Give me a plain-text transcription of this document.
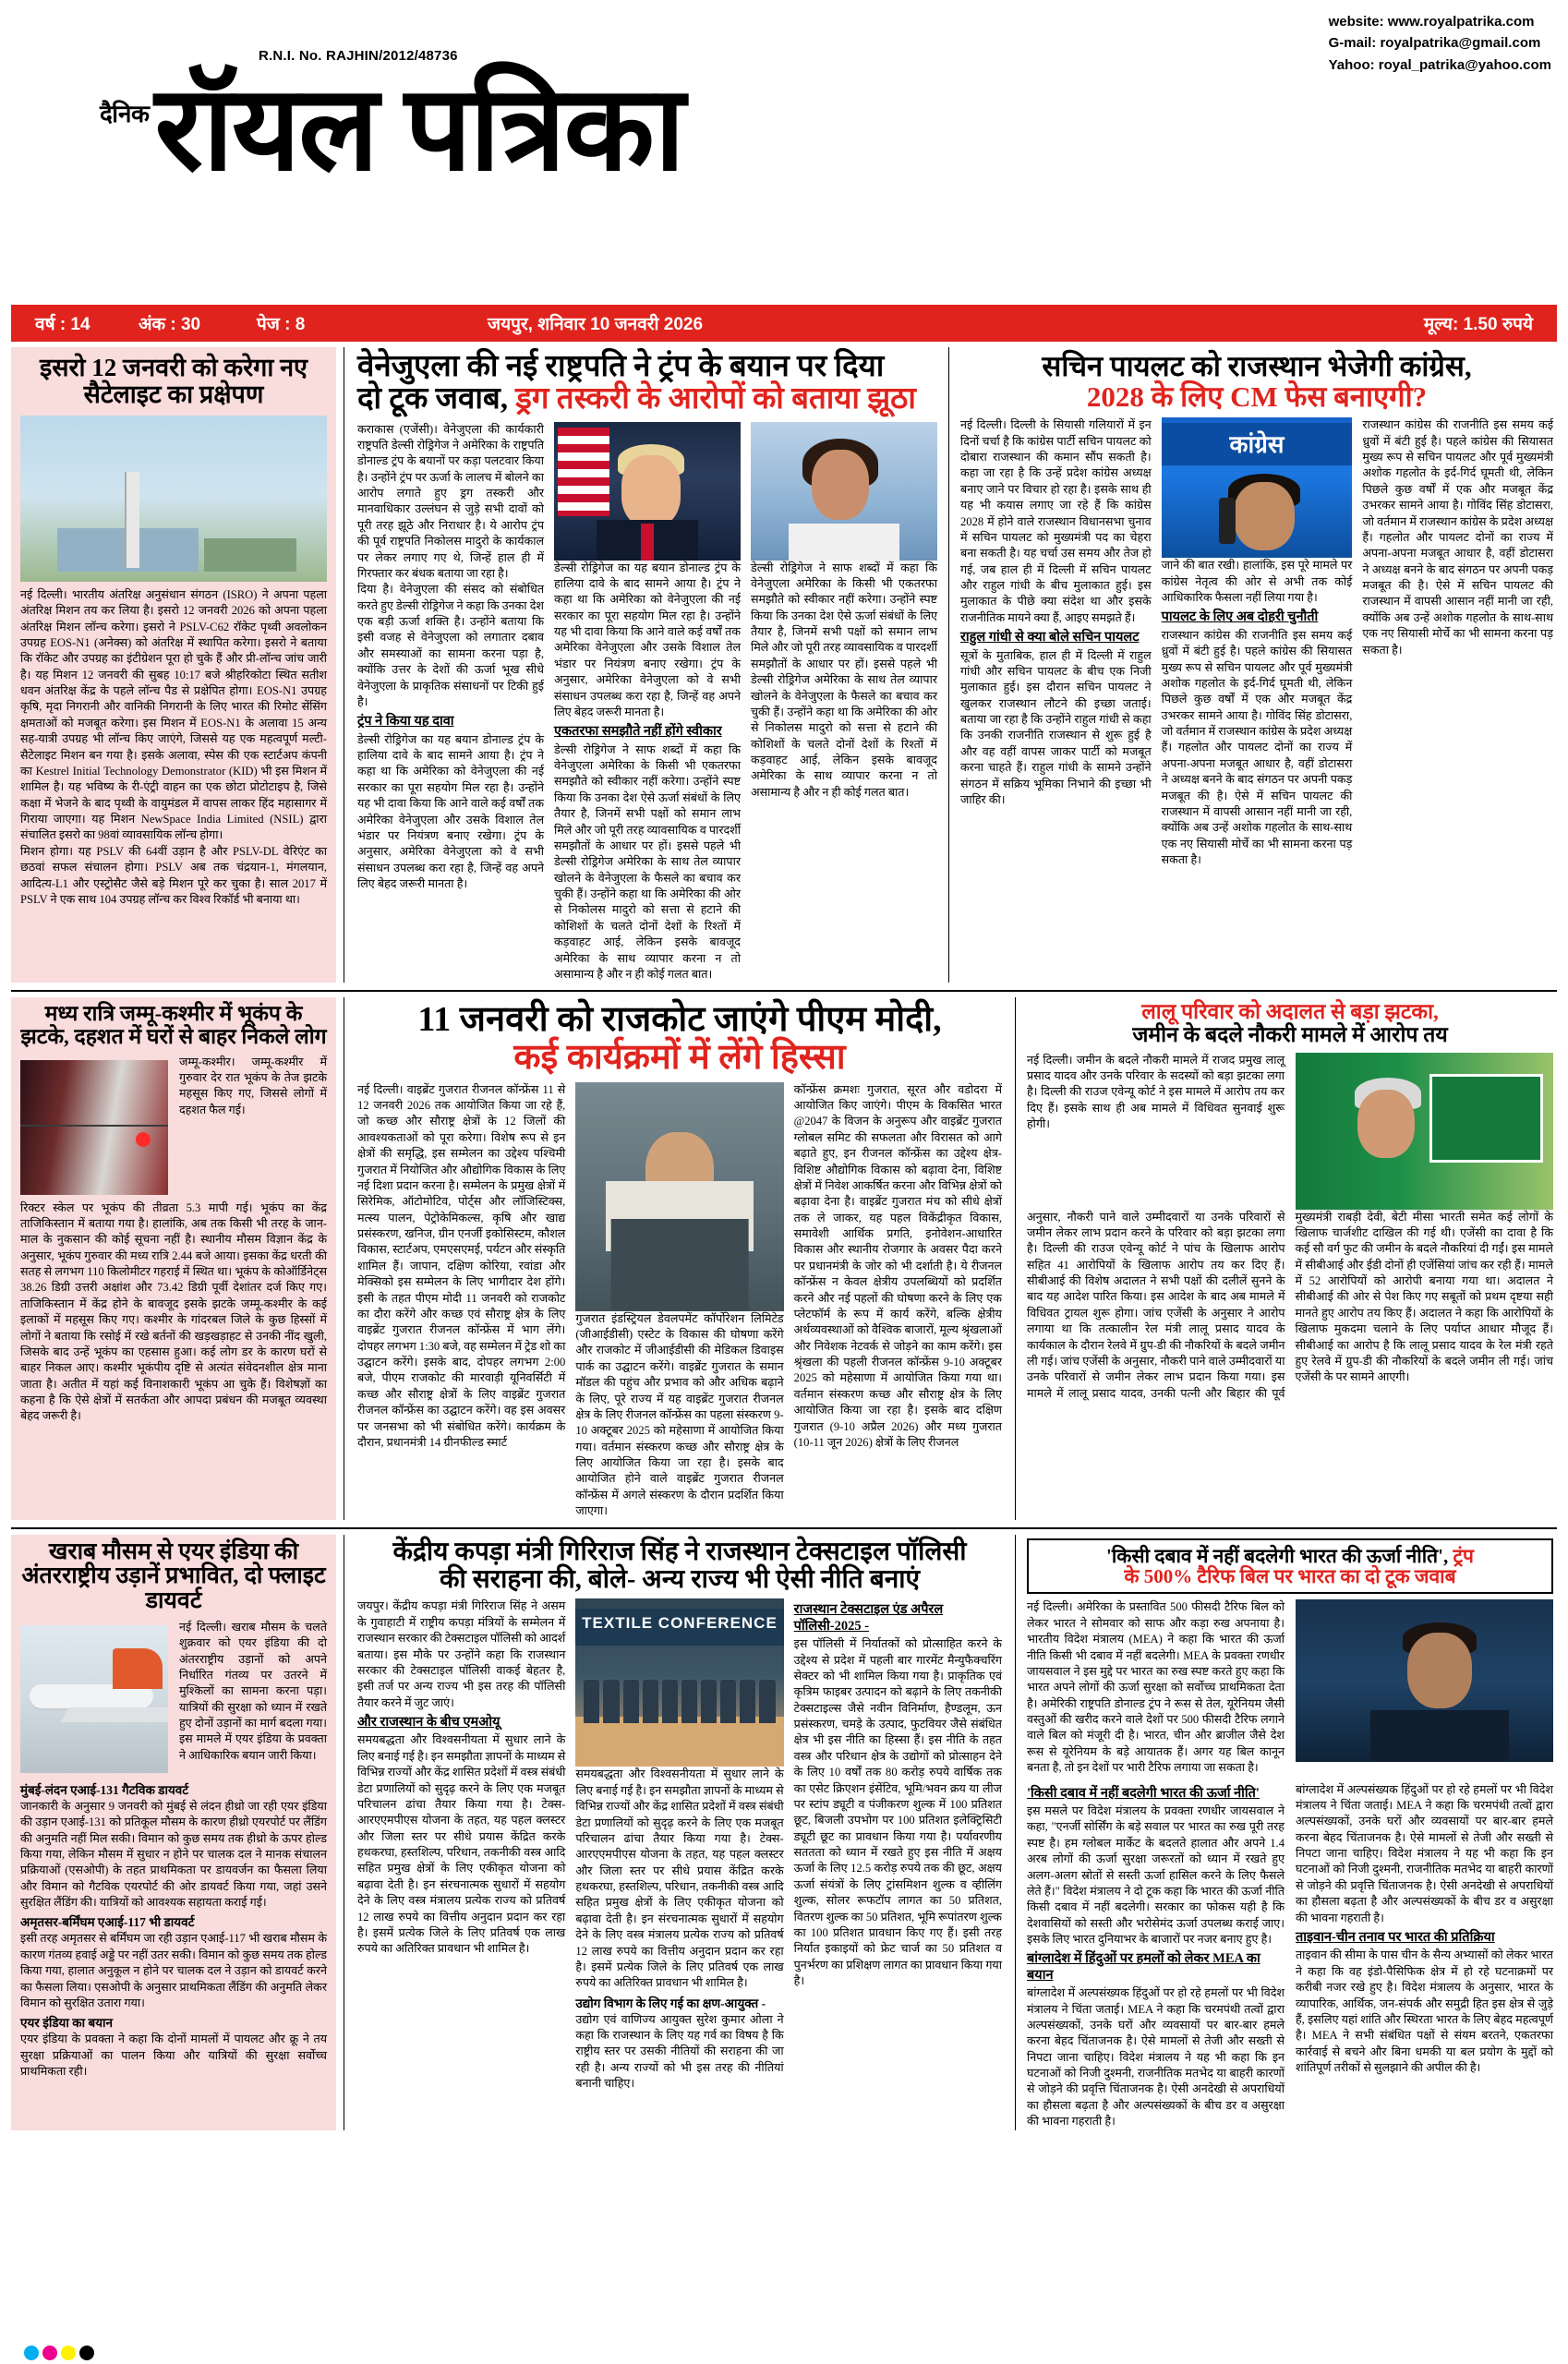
website: www.royalpatrika.com
G-mail: royalpatrika@gmail.com
Yahoo: royal_patrika@yahoo.com
R.N.I. No. RAJHIN/2012/48736
दैनिक रॉयल पत्रिका
वर्ष : 14	अंक : 30	पेज : 8	जयपुर, शनिवार 10 जनवरी 2026	मूल्य: 1.50 रुपये
इसरो 12 जनवरी को करेगा नए सैटेलाइट का प्रक्षेपण
नई दिल्ली। भारतीय अंतरिक्ष अनुसंधान संगठन (ISRO) ने अपना पहला अंतरिक्ष मिशन तय कर लिया है। इसरो 12 जनवरी 2026 को अपना पहला अंतरिक्ष मिशन लॉन्च करेगा। इसरो ने PSLV-C62 रॉकेट पृथ्वी अवलोकन उपग्रह EOS-N1 (अनेक्स) को अंतरिक्ष में स्थापित करेगा। इसरो ने बताया कि रॉकेट और उपग्रह का इंटीग्रेशन पूरा हो चुके हैं और प्री-लॉन्च जांच जारी है। यह मिशन 12 जनवरी की सुबह 10:17 बजे श्रीहरिकोटा स्थित सतीश धवन अंतरिक्ष केंद्र के पहले लॉन्च पैड से प्रक्षेपित होगा। EOS-N1 उपग्रह कृषि, मृदा निगरानी और वानिकी निगरानी के लिए भारत की रिमोट सेंसिंग क्षमताओं को मजबूत करेगा। इस मिशन में EOS-N1 के अलावा 15 अन्य सह-यात्री उपग्रह भी लॉन्च किए जाएंगे, जिससे यह एक महत्वपूर्ण मल्टी-सैटेलाइट मिशन बन गया है। इसके अलावा, स्पेस की एक स्टार्टअप कंपनी का Kestrel Initial Technology Demonstrator (KID) भी इस मिशन में शामिल है। यह भविष्य के री-एंट्री वाहन का एक छोटा प्रोटोटाइप है, जिसे कक्षा में भेजने के बाद पृथ्वी के वायुमंडल में वापस लाकर हिंद महासागर में गिराया जाएगा। यह मिशन NewSpace India Limited (NSIL) द्वारा संचालित इसरो का 98वां व्यावसायिक लॉन्च होगा।
मिशन होगा। यह PSLV की 64वीं उड़ान है और PSLV-DL वेरिएंट का छठवां सफल संचालन होगा। PSLV अब तक चंद्रयान-1, मंगलयान, आदित्य-L1 और एस्ट्रोसैट जैसे बड़े मिशन पूरे कर चुका है। साल 2017 में PSLV ने एक साथ 104 उपग्रह लॉन्च कर विश्व रिकॉर्ड भी बनाया था।
वेनेजुएला की नई राष्ट्रपति ने ट्रंप के बयान पर दिया
दो टूक जवाब, ड्रग तस्करी के आरोपों को बताया झूठा
कराकास (एजेंसी)। वेनेजुएला की कार्यकारी राष्ट्रपति डेल्सी रोड्रिगेज ने अमेरिका के राष्ट्रपति डोनाल्ड ट्रंप के बयानों पर कड़ा पलटवार किया है। उन्होंने ट्रंप पर ऊर्जा के लालच में बोलने का आरोप लगाते हुए ड्रग तस्करी और मानवाधिकार उल्लंघन से जुड़े सभी दावों को पूरी तरह झूठे और निराधार है। ये आरोप ट्रंप की पूर्व राष्ट्रपति निकोलस मादुरो के कार्यकाल पर लेकर लगाए गए थे, जिन्हें हाल ही में गिरफ्तार कर बंधक बताया जा रहा है।
दिया है। वेनेजुएला की संसद को संबोधित करते हुए डेल्सी रोड्रिगेज ने कहा कि उनका देश एक बड़ी ऊर्जा शक्ति है। उन्होंने बताया कि इसी वजह से वेनेजुएला को लगातार दबाव और समस्याओं का सामना करना पड़ा है, क्योंकि उत्तर के देशों की ऊर्जा भूख सीधे वेनेजुएला के प्राकृतिक संसाधनों पर टिकी हुई है।
ट्रंप ने किया यह दावा
डेल्सी रोड्रिगेज का यह बयान डोनाल्ड ट्रंप के हालिया दावे के बाद सामने आया है। ट्रंप ने कहा था कि अमेरिका को वेनेजुएला की नई सरकार का पूरा सहयोग मिल रहा है। उन्होंने यह भी दावा किया कि आने वाले कई वर्षों तक अमेरिका वेनेजुएला और उसके विशाल तेल भंडार पर नियंत्रण बनाए रखेगा। ट्रंप के अनुसार, अमेरिका वेनेजुएला को वे सभी संसाधन उपलब्ध करा रहा है, जिन्हें वह अपने लिए बेहद जरूरी मानता है।
डेल्सी रोड्रिगेज का यह बयान डोनाल्ड ट्रंप के हालिया दावे के बाद सामने आया है। ट्रंप ने कहा था कि अमेरिका को वेनेजुएला की नई सरकार का पूरा सहयोग मिल रहा है। उन्होंने यह भी दावा किया कि आने वाले कई वर्षों तक अमेरिका वेनेजुएला और उसके विशाल तेल भंडार पर नियंत्रण बनाए रखेगा। ट्रंप के अनुसार, अमेरिका वेनेजुएला को वे सभी संसाधन उपलब्ध करा रहा है, जिन्हें वह अपने लिए बेहद जरूरी मानता है।
एकतरफा समझौते नहीं होंगे स्वीकार
डेल्सी रोड्रिगेज ने साफ शब्दों में कहा कि वेनेजुएला अमेरिका के किसी भी एकतरफा समझौते को स्वीकार नहीं करेगा। उन्होंने स्पष्ट किया कि उनका देश ऐसे ऊर्जा संबंधों के लिए तैयार है, जिनमें सभी पक्षों को समान लाभ मिले और जो पूरी तरह व्यावसायिक व पारदर्शी समझौतों के आधार पर हों। इससे पहले भी डेल्सी रोड्रिगेज अमेरिका के साथ तेल व्यापार खोलने के वेनेजुएला के फैसले का बचाव कर चुकी हैं। उन्होंने कहा था कि अमेरिका की ओर से निकोलस मादुरो को सत्ता से हटाने की कोशिशों के चलते दोनों देशों के रिश्तों में कड़वाहट आई, लेकिन इसके बावजूद अमेरिका के साथ व्यापार करना न तो असामान्य है और न ही कोई गलत बात।
डेल्सी रोड्रिगेज ने साफ शब्दों में कहा कि वेनेजुएला अमेरिका के किसी भी एकतरफा समझौते को स्वीकार नहीं करेगा। उन्होंने स्पष्ट किया कि उनका देश ऐसे ऊर्जा संबंधों के लिए तैयार है, जिनमें सभी पक्षों को समान लाभ मिले और जो पूरी तरह व्यावसायिक व पारदर्शी समझौतों के आधार पर हों। इससे पहले भी डेल्सी रोड्रिगेज अमेरिका के साथ तेल व्यापार खोलने के वेनेजुएला के फैसले का बचाव कर चुकी हैं। उन्होंने कहा था कि अमेरिका की ओर से निकोलस मादुरो को सत्ता से हटाने की कोशिशों के चलते दोनों देशों के रिश्तों में कड़वाहट आई, लेकिन इसके बावजूद अमेरिका के साथ व्यापार करना न तो असामान्य है और न ही कोई गलत बात।
सचिन पायलट को राजस्थान भेजेगी कांग्रेस,
2028 के लिए CM फेस बनाएगी?
नई दिल्ली। दिल्ली के सियासी गलियारों में इन दिनों चर्चा है कि कांग्रेस पार्टी सचिन पायलट को दोबारा राजस्थान की कमान सौंप सकती है। कहा जा रहा है कि उन्हें प्रदेश कांग्रेस अध्यक्ष बनाए जाने पर विचार हो रहा है। इसके साथ ही यह भी कयास लगाए जा रहे हैं कि कांग्रेस 2028 में होने वाले राजस्थान विधानसभा चुनाव में सचिन पायलट को मुख्यमंत्री पद का चेहरा बना सकती है। यह चर्चा उस समय और तेज हो गई, जब हाल ही में दिल्ली में सचिन पायलट और राहुल गांधी के बीच मुलाकात हुई। इस मुलाकात के पीछे क्या संदेश था और इसके राजनीतिक मायने क्या हैं, आइए समझते हैं।
राहुल गांधी से क्या बोले सचिन पायलट
सूत्रों के मुताबिक, हाल ही में दिल्ली में राहुल गांधी और सचिन पायलट के बीच एक निजी मुलाकात हुई। इस दौरान सचिन पायलट ने खुलकर राजस्थान लौटने की इच्छा जताई। बताया जा रहा है कि उन्होंने राहुल गांधी से कहा कि उनकी राजनीति राजस्थान से शुरू हुई है और वह वहीं वापस जाकर पार्टी को मजबूत करना चाहते हैं। राहुल गांधी के सामने उन्होंने संगठन में सक्रिय भूमिका निभाने की इच्छा भी जाहिर की।
कांग्रेस
जाने की बात रखी। हालांकि, इस पूरे मामले पर कांग्रेस नेतृत्व की ओर से अभी तक कोई आधिकारिक फैसला नहीं लिया गया है।
पायलट के लिए अब दोहरी चुनौती
राजस्थान कांग्रेस की राजनीति इस समय कई ध्रुवों में बंटी हुई है। पहले कांग्रेस की सियासत मुख्य रूप से सचिन पायलट और पूर्व मुख्यमंत्री अशोक गहलोत के इर्द-गिर्द घूमती थी, लेकिन पिछले कुछ वर्षों में एक और मजबूत केंद्र उभरकर सामने आया है। गोविंद सिंह डोटासरा, जो वर्तमान में राजस्थान कांग्रेस के प्रदेश अध्यक्ष हैं। गहलोत और पायलट दोनों का राज्य में अपना-अपना मजबूत आधार है, वहीं डोटासरा ने अध्यक्ष बनने के बाद संगठन पर अपनी पकड़ मजबूत की है। ऐसे में सचिन पायलट की राजस्थान में वापसी आसान नहीं मानी जा रही, क्योंकि अब उन्हें अशोक गहलोत के साथ-साथ एक नए सियासी मोर्चे का भी सामना करना पड़ सकता है।
राजस्थान कांग्रेस की राजनीति इस समय कई ध्रुवों में बंटी हुई है। पहले कांग्रेस की सियासत मुख्य रूप से सचिन पायलट और पूर्व मुख्यमंत्री अशोक गहलोत के इर्द-गिर्द घूमती थी, लेकिन पिछले कुछ वर्षों में एक और मजबूत केंद्र उभरकर सामने आया है। गोविंद सिंह डोटासरा, जो वर्तमान में राजस्थान कांग्रेस के प्रदेश अध्यक्ष हैं। गहलोत और पायलट दोनों का राज्य में अपना-अपना मजबूत आधार है, वहीं डोटासरा ने अध्यक्ष बनने के बाद संगठन पर अपनी पकड़ मजबूत की है। ऐसे में सचिन पायलट की राजस्थान में वापसी आसान नहीं मानी जा रही, क्योंकि अब उन्हें अशोक गहलोत के साथ-साथ एक नए सियासी मोर्चे का भी सामना करना पड़ सकता है।
मध्य रात्रि जम्मू-कश्मीर में भूकंप के झटके, दहशत में घरों से बाहर निकले लोग
जम्मू-कश्मीर। जम्मू-कश्मीर में गुरुवार देर रात भूकंप के तेज झटके महसूस किए गए, जिससे लोगों में दहशत फैल गई।
रिक्टर स्केल पर भूकंप की तीव्रता 5.3 मापी गई। भूकंप का केंद्र ताजिकिस्तान में बताया गया है। हालांकि, अब तक किसी भी तरह के जान-माल के नुकसान की कोई सूचना नहीं है। स्थानीय मौसम विज्ञान केंद्र के अनुसार, भूकंप गुरुवार की मध्य रात्रि 2.44 बजे आया। इसका केंद्र धरती की सतह से लगभग 110 किलोमीटर गहराई में स्थित था। भूकंप के कोऑर्डिनेट्स 38.26 डिग्री उत्तरी अक्षांश और 73.42 डिग्री पूर्वी देशांतर दर्ज किए गए। ताजिकिस्तान में केंद्र होने के बावजूद इसके झटके जम्मू-कश्मीर के कई इलाकों में महसूस किए गए। कश्मीर के गांदरबल जिले के कुछ हिस्सों में लोगों ने बताया कि रसोई में रखे बर्तनों की खड़खड़ाहट से उनकी नींद खुली, जिसके बाद उन्हें भूकंप का एहसास हुआ। कई लोग डर के कारण घरों से बाहर निकल आए। कश्मीर भूकंपीय दृष्टि से अत्यंत संवेदनशील क्षेत्र माना जाता है। अतीत में यहां कई विनाशकारी भूकंप आ चुके हैं। विशेषज्ञों का कहना है कि ऐसे क्षेत्रों में सतर्कता और आपदा प्रबंधन की मजबूत व्यवस्था बेहद जरूरी है।
11 जनवरी को राजकोट जाएंगे पीएम मोदी,
कई कार्यक्रमों में लेंगे हिस्सा
नई दिल्ली। वाइब्रेंट गुजरात रीजनल कॉन्फ्रेंस 11 से 12 जनवरी 2026 तक आयोजित किया जा रहे हैं, जो कच्छ और सौराष्ट्र क्षेत्रों के 12 जिलों की आवश्यकताओं को पूरा करेगा। विशेष रूप से इन क्षेत्रों की समृद्धि, इस सम्मेलन का उद्देश्य पश्चिमी गुजरात में नियोजित और औद्योगिक विकास के लिए नई दिशा प्रदान करना है। सम्मेलन के प्रमुख क्षेत्रों में सिरेमिक, ऑटोमोटिव, पोर्ट्स और लॉजिस्टिक्स, मत्स्य पालन, पेट्रोकेमिकल्स, कृषि और खाद्य प्रसंस्करण, खनिज, ग्रीन एनर्जी इकोसिस्टम, कौशल विकास, स्टार्टअप, एमएसएमई, पर्यटन और संस्कृति शामिल हैं। जापान, दक्षिण कोरिया, रवांडा और मेक्सिको इस सम्मेलन के लिए भागीदार देश होंगे। इसी के तहत पीएम मोदी 11 जनवरी को राजकोट का दौरा करेंगे और कच्छ एवं सौराष्ट्र क्षेत्र के लिए वाइब्रेंट गुजरात रीजनल कॉन्फ्रेंस में भाग लेंगे। दोपहर लगभग 1:30 बजे, वह सम्मेलन में ट्रेड शो का उद्घाटन करेंगे। इसके बाद, दोपहर लगभग 2:00 बजे, पीएम राजकोट की मारवाड़ी यूनिवर्सिटी में कच्छ और सौराष्ट्र क्षेत्रों के लिए वाइब्रेंट गुजरात रीजनल कॉन्फ्रेंस का उद्घाटन करेंगे। वह इस अवसर पर जनसभा को भी संबोधित करेंगे। कार्यक्रम के दौरान, प्रधानमंत्री 14 ग्रीनफील्ड स्मार्ट
गुजरात इंडस्ट्रियल डेवलपमेंट कॉर्पोरेशन लिमिटेड (जीआईडीसी) एस्टेट के विकास की घोषणा करेंगे और राजकोट में जीआईडीसी की मेडिकल डिवाइस पार्क का उद्घाटन करेंगे। वाइब्रेंट गुजरात के समान मॉडल की पहुंच और प्रभाव को और अधिक बढ़ाने के लिए, पूरे राज्य में यह वाइब्रेंट गुजरात रीजनल क्षेत्र के लिए रीजनल कॉन्फ्रेंस का पहला संस्करण 9-10 अक्टूबर 2025 को महेसाणा में आयोजित किया गया। वर्तमान संस्करण कच्छ और सौराष्ट्र क्षेत्र के लिए आयोजित किया जा रहा है। इसके बाद आयोजित होने वाले वाइब्रेंट गुजरात रीजनल कॉन्फ्रेंस में अगले संस्करण के दौरान प्रदर्शित किया जाएगा।
कॉन्फ्रेंस क्रमशः गुजरात, सूरत और वडोदरा में आयोजित किए जाएंगे। पीएम के विकसित भारत @2047 के विजन के अनुरूप और वाइब्रेंट गुजरात ग्लोबल समिट की सफलता और विरासत को आगे बढ़ाते हुए, इन रीजनल कॉन्फ्रेंस का उद्देश्य क्षेत्र-विशिष्ट औद्योगिक विकास को बढ़ावा देना, विशिष्ट क्षेत्रों में निवेश आकर्षित करना और विभिन्न क्षेत्रों को बढ़ावा देना है। वाइब्रेंट गुजरात मंच को सीधे क्षेत्रों तक ले जाकर, यह पहल विकेंद्रीकृत विकास, समावेशी आर्थिक प्रगति, इनोवेशन-आधारित विकास और स्थानीय रोजगार के अवसर पैदा करने पर प्रधानमंत्री के जोर को भी दर्शाती है। ये रीजनल कॉन्फ्रेंस न केवल क्षेत्रीय उपलब्धियों को प्रदर्शित करने और नई पहलों की घोषणा करने के लिए एक प्लेटफॉर्म के रूप में कार्य करेंगे, बल्कि क्षेत्रीय अर्थव्यवस्थाओं को वैश्विक बाजारों, मूल्य श्रृंखलाओं और निवेशक नेटवर्क से जोड़ने का काम करेंगे। इस श्रृंखला की पहली रीजनल कॉन्फ्रेंस 9-10 अक्टूबर 2025 को महेसाणा में आयोजित किया गया था। वर्तमान संस्करण कच्छ और सौराष्ट्र क्षेत्र के लिए आयोजित किया जा रहा है। इसके बाद दक्षिण गुजरात (9-10 अप्रैल 2026) और मध्य गुजरात (10-11 जून 2026) क्षेत्रों के लिए रीजनल
लालू परिवार को अदालत से बड़ा झटका,
जमीन के बदले नौकरी मामले में आरोप तय
नई दिल्ली। जमीन के बदले नौकरी मामले में राजद प्रमुख लालू प्रसाद यादव और उनके परिवार के सदस्यों को बड़ा झटका लगा है। दिल्ली की राउज एवेन्यू कोर्ट ने इस मामले में आरोप तय कर दिए हैं। इसके साथ ही अब मामले में विधिवत सुनवाई शुरू होगी।
अनुसार, नौकरी पाने वाले उम्मीदवारों या उनके परिवारों से जमीन लेकर लाभ प्रदान करने के परिवार को बड़ा झटका लगा है। दिल्ली की राउज एवेन्यू कोर्ट ने पांच के खिलाफ आरोप सहित 41 आरोपियों के खिलाफ आरोप तय कर दिए हैं। सीबीआई की विशेष अदालत ने सभी पक्षों की दलीलें सुनने के बाद यह आदेश पारित किया। इस आदेश के बाद अब मामले में विधिवत ट्रायल शुरू होगा। जांच एजेंसी के अनुसार ने आरोप लगाया था कि तत्कालीन रेल मंत्री लालू प्रसाद यादव के कार्यकाल के दौरान रेलवे में ग्रुप-डी की नौकरियों के बदले जमीन ली गई। जांच एजेंसी के अनुसार, नौकरी पाने वाले उम्मीदवारों या उनके परिवारों से जमीन लेकर लाभ प्रदान किया गया। इस मामले में लालू प्रसाद यादव, उनकी पत्नी और बिहार की पूर्व मुख्यमंत्री राबड़ी देवी, बेटी मीसा भारती समेत कई लोगों के खिलाफ चार्जशीट दाखिल की गई थी। एजेंसी का दावा है कि कई सौ वर्ग फुट की जमीन के बदले नौकरियां दी गईं। इस मामले में सीबीआई और ईडी दोनों ही एजेंसियां जांच कर रही हैं। मामले में 52 आरोपियों को आरोपी बनाया गया था। अदालत ने सीबीआई की ओर से पेश किए गए सबूतों को प्रथम दृष्टया सही मानते हुए आरोप तय किए हैं। अदालत ने कहा कि आरोपियों के खिलाफ मुकदमा चलाने के लिए पर्याप्त आधार मौजूद हैं। सीबीआई का आरोप है कि लालू प्रसाद यादव के रेल मंत्री रहते हुए रेलवे में ग्रुप-डी की नौकरियों के बदले जमीन ली गई। जांच एजेंसी के पर सामने आएगी।
खराब मौसम से एयर इंडिया की अंतरराष्ट्रीय उड़ानें प्रभावित, दो फ्लाइट डायवर्ट
नई दिल्ली। खराब मौसम के चलते शुक्रवार को एयर इंडिया की दो अंतरराष्ट्रीय उड़ानों को अपने निर्धारित गंतव्य पर उतरने में मुश्किलों का सामना करना पड़ा। यात्रियों की सुरक्षा को ध्यान में रखते हुए दोनों उड़ानों का मार्ग बदला गया। इस मामले में एयर इंडिया के प्रवक्ता ने आधिकारिक बयान जारी किया।
मुंबई-लंदन एआई-131 गैटविक डायवर्ट
जानकारी के अनुसार 9 जनवरी को मुंबई से लंदन हीथ्रो जा रही एयर इंडिया की उड़ान एआई-131 को प्रतिकूल मौसम के कारण हीथ्रो एयरपोर्ट पर लैंडिंग की अनुमति नहीं मिल सकी। विमान को कुछ समय तक हीथ्रो के ऊपर होल्ड किया गया, लेकिन मौसम में सुधार न होने पर चालक दल ने मानक संचालन प्रक्रियाओं (एसओपी) के तहत प्राथमिकता पर डायवर्जन का फैसला लिया और विमान को गैटविक एयरपोर्ट की ओर डायवर्ट किया गया, जहां उसने सुरक्षित लैंडिंग की। यात्रियों को आवश्यक सहायता कराई गई।
अमृतसर-बर्मिंघम एआई-117 भी डायवर्ट
इसी तरह अमृतसर से बर्मिंघम जा रही उड़ान एआई-117 भी खराब मौसम के कारण गंतव्य हवाई अड्डे पर नहीं उतर सकी। विमान को कुछ समय तक होल्ड किया गया, हालात अनुकूल न होने पर चालक दल ने उड़ान को डायवर्ट करने का फैसला लिया। एसओपी के अनुसार प्राथमिकता लैंडिंग की अनुमति लेकर विमान को सुरक्षित उतारा गया।
एयर इंडिया का बयान
एयर इंडिया के प्रवक्ता ने कहा कि दोनों मामलों में पायलट और क्रू ने तय सुरक्षा प्रक्रियाओं का पालन किया और यात्रियों की सुरक्षा सर्वोच्च प्राथमिकता रही।
केंद्रीय कपड़ा मंत्री गिरिराज सिंह ने राजस्थान टेक्सटाइल पॉलिसी
की सराहना की, बोले- अन्य राज्य भी ऐसी नीति बनाएं
जयपुर। केंद्रीय कपड़ा मंत्री गिरिराज सिंह ने असम के गुवाहाटी में राष्ट्रीय कपड़ा मंत्रियों के सम्मेलन में राजस्थान सरकार की टेक्सटाइल पॉलिसी को आदर्श बताया। इस मौके पर उन्होंने कहा कि राजस्थान सरकार की टेक्सटाइल पॉलिसी वाकई बेहतर है, इसी तर्ज पर अन्य राज्य भी इस तरह की पॉलिसी तैयार करने में जुट जाएं।
और राजस्थान के बीच एमओयू
समयबद्धता और विश्वसनीयता में सुधार लाने के लिए बनाई गई है। इन समझौता ज्ञापनों के माध्यम से विभिन्न राज्यों और केंद्र शासित प्रदेशों में वस्त्र संबंधी डेटा प्रणालियों को सुदृढ़ करने के लिए एक मजबूत परिचालन ढांचा तैयार किया गया है। टेक्स-आरएएमपीएस योजना के तहत, यह पहल क्लस्टर और जिला स्तर पर सीधे प्रयास केंद्रित करके हथकरघा, हस्तशिल्प, परिधान, तकनीकी वस्त्र आदि सहित प्रमुख क्षेत्रों के लिए एकीकृत योजना को बढ़ावा देती है। इन संरचनात्मक सुधारों में सहयोग देने के लिए वस्त्र मंत्रालय प्रत्येक राज्य को प्रतिवर्ष 12 लाख रुपये का वित्तीय अनुदान प्रदान कर रहा है। इसमें प्रत्येक जिले के लिए प्रतिवर्ष एक लाख रुपये का अतिरिक्त प्रावधान भी शामिल है।
TEXTILE CONFERENCE
समयबद्धता और विश्वसनीयता में सुधार लाने के लिए बनाई गई है। इन समझौता ज्ञापनों के माध्यम से विभिन्न राज्यों और केंद्र शासित प्रदेशों में वस्त्र संबंधी डेटा प्रणालियों को सुदृढ़ करने के लिए एक मजबूत परिचालन ढांचा तैयार किया गया है। टेक्स-आरएएमपीएस योजना के तहत, यह पहल क्लस्टर और जिला स्तर पर सीधे प्रयास केंद्रित करके हथकरघा, हस्तशिल्प, परिधान, तकनीकी वस्त्र आदि सहित प्रमुख क्षेत्रों के लिए एकीकृत योजना को बढ़ावा देती है। इन संरचनात्मक सुधारों में सहयोग देने के लिए वस्त्र मंत्रालय प्रत्येक राज्य को प्रतिवर्ष 12 लाख रुपये का वित्तीय अनुदान प्रदान कर रहा है। इसमें प्रत्येक जिले के लिए प्रतिवर्ष एक लाख रुपये का अतिरिक्त प्रावधान भी शामिल है।
उद्योग विभाग के लिए गई का क्षण-आयुक्त -
उद्योग एवं वाणिज्य आयुक्त सुरेश कुमार ओला ने कहा कि राजस्थान के लिए यह गर्व का विषय है कि राष्ट्रीय स्तर पर उसकी नीतियों की सराहना की जा रही है। अन्य राज्यों को भी इस तरह की नीतियां बनानी चाहिए।
राजस्थान टेक्सटाइल एंड अपैरल पॉलिसी-2025 -
इस पॉलिसी में निर्यातकों को प्रोत्साहित करने के उद्देश्य से प्रदेश में पहली बार गारमेंट मैन्युफैक्चरिंग सेक्टर को भी शामिल किया गया है। प्राकृतिक एवं कृत्रिम फाइबर उत्पादन को बढ़ाने के लिए तकनीकी टेक्सटाइल्स जैसे नवीन विनिर्माण, हैण्डलूम, ऊन प्रसंस्करण, चमड़े के उत्पाद, फुटवियर जैसे संबंधित क्षेत्र भी इस नीति का हिस्सा हैं। इस नीति के तहत वस्त्र और परिधान क्षेत्र के उद्योगों को प्रोत्साहन देने के लिए 10 वर्षों तक 80 करोड़ रुपये वार्षिक तक का एसेट क्रिएशन इंसेंटिव, भूमि/भवन क्रय या लीज पर स्टांप ड्यूटी व पंजीकरण शुल्क में 100 प्रतिशत छूट, बिजली उपभोग पर 100 प्रतिशत इलेक्ट्रिसिटी ड्यूटी छूट का प्रावधान किया गया है। पर्यावरणीय सततता को ध्यान में रखते हुए इस नीति में अक्षय ऊर्जा के लिए 12.5 करोड़ रुपये तक की छूट, अक्षय ऊर्जा संयंत्रों के लिए ट्रांसमिशन शुल्क व व्हीलिंग शुल्क, सोलर रूफटॉप लागत का 50 प्रतिशत, वितरण शुल्क का 50 प्रतिशत, भूमि रूपांतरण शुल्क का 100 प्रतिशत प्रावधान किए गए हैं। इसी तरह निर्यात इकाइयों को फ्रेट चार्ज का 50 प्रतिशत व पुनर्भरण का प्रशिक्षण लागत का प्रावधान किया गया है।
'किसी दबाव में नहीं बदलेगी भारत की ऊर्जा नीति', ट्रंप
के 500% टैरिफ बिल पर भारत का दो टूक जवाब
नई दिल्ली। अमेरिका के प्रस्तावित 500 फीसदी टैरिफ बिल को लेकर भारत ने सोमवार को साफ और कड़ा रुख अपनाया है। भारतीय विदेश मंत्रालय (MEA) ने कहा कि भारत की ऊर्जा नीति किसी भी दबाव में नहीं बदलेगी। MEA के प्रवक्ता रणधीर जायसवाल ने इस मुद्दे पर भारत का रुख स्पष्ट करते हुए कहा कि भारत अपने लोगों की ऊर्जा सुरक्षा को सर्वोच्च प्राथमिकता देता है। अमेरिकी राष्ट्रपति डोनाल्ड ट्रंप ने रूस से तेल, यूरेनियम जैसी वस्तुओं की खरीद करने वाले देशों पर 500 फीसदी टैरिफ लगाने वाले बिल को मंजूरी दी है। भारत, चीन और ब्राजील जैसे देश रूस से यूरेनियम के बड़े आयातक हैं। अगर यह बिल कानून बनता है, तो इन देशों पर भारी टैरिफ लगाया जा सकता है।
'किसी दबाव में नहीं बदलेगी भारत की ऊर्जा नीति'
इस मसले पर विदेश मंत्रालय के प्रवक्ता रणधीर जायसवाल ने कहा, "एनर्जी सोर्सिंग के बड़े सवाल पर भारत का रुख पूरी तरह स्पष्ट है। हम ग्लोबल मार्केट के बदलते हालात और अपने 1.4 अरब लोगों की ऊर्जा सुरक्षा जरूरतों को ध्यान में रखते हुए अलग-अलग स्रोतों से सस्ती ऊर्जा हासिल करने के लिए फैसले लेते हैं।" विदेश मंत्रालय ने दो टूक कहा कि भारत की ऊर्जा नीति किसी दबाव में नहीं बदलेगी। सरकार का फोकस यही है कि देशवासियों को सस्ती और भरोसेमंद ऊर्जा उपलब्ध कराई जाए। इसके लिए भारत दुनियाभर के बाजारों पर नजर बनाए हुए है।
बांग्लादेश में हिंदुओं पर हमलों को लेकर MEA का बयान
बांग्लादेश में अल्पसंख्यक हिंदुओं पर हो रहे हमलों पर भी विदेश मंत्रालय ने चिंता जताई। MEA ने कहा कि चरमपंथी तत्वों द्वारा अल्पसंख्यकों, उनके घरों और व्यवसायों पर बार-बार हमले करना बेहद चिंताजनक है। ऐसे मामलों से तेजी और सख्ती से निपटा जाना चाहिए। विदेश मंत्रालय ने यह भी कहा कि इन घटनाओं को निजी दुश्मनी, राजनीतिक मतभेद या बाहरी कारणों से जोड़ने की प्रवृत्ति चिंताजनक है। ऐसी अनदेखी से अपराधियों का हौसला बढ़ता है और अल्पसंख्यकों के बीच डर व असुरक्षा की भावना गहराती है।
बांग्लादेश में अल्पसंख्यक हिंदुओं पर हो रहे हमलों पर भी विदेश मंत्रालय ने चिंता जताई। MEA ने कहा कि चरमपंथी तत्वों द्वारा अल्पसंख्यकों, उनके घरों और व्यवसायों पर बार-बार हमले करना बेहद चिंताजनक है। ऐसे मामलों से तेजी और सख्ती से निपटा जाना चाहिए। विदेश मंत्रालय ने यह भी कहा कि इन घटनाओं को निजी दुश्मनी, राजनीतिक मतभेद या बाहरी कारणों से जोड़ने की प्रवृत्ति चिंताजनक है। ऐसी अनदेखी से अपराधियों का हौसला बढ़ता है और अल्पसंख्यकों के बीच डर व असुरक्षा की भावना गहराती है।
ताइवान-चीन तनाव पर भारत की प्रतिक्रिया
ताइवान की सीमा के पास चीन के सैन्य अभ्यासों को लेकर भारत ने कहा कि वह इंडो-पैसिफिक क्षेत्र में हो रहे घटनाक्रमों पर करीबी नजर रखे हुए है। विदेश मंत्रालय के अनुसार, भारत के व्यापारिक, आर्थिक, जन-संपर्क और समुद्री हित इस क्षेत्र से जुड़े हैं, इसलिए यहां शांति और स्थिरता भारत के लिए बेहद महत्वपूर्ण है। MEA ने सभी संबंधित पक्षों से संयम बरतने, एकतरफा कार्रवाई से बचने और बिना धमकी या बल प्रयोग के मुद्दों को शांतिपूर्ण तरीकों से सुलझाने की अपील की है।
